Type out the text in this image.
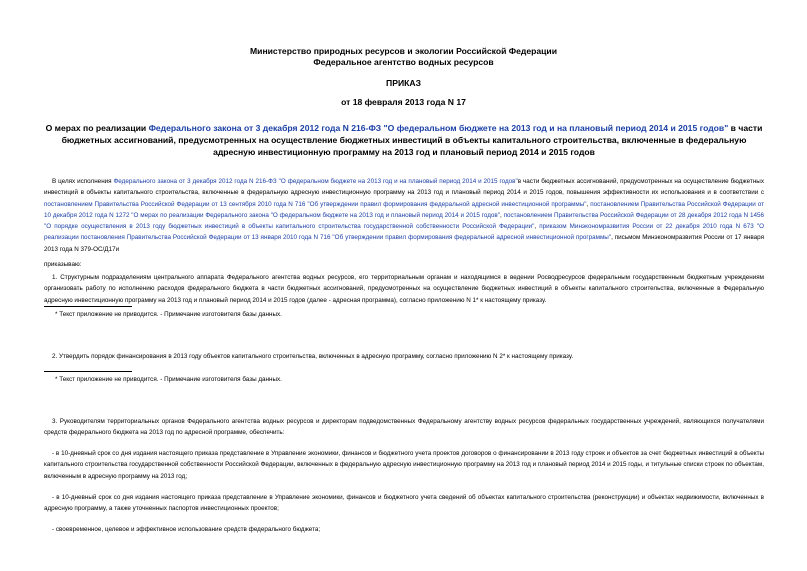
Министерство природных ресурсов и экологии Российской Федерации
Федеральное агентство водных ресурсов
ПРИКАЗ
от 18 февраля 2013 года N 17
О мерах по реализации Федерального закона от 3 декабря 2012 года N 216-ФЗ "О федеральном бюджете на 2013 год и на плановый период 2014 и 2015 годов" в части бюджетных ассигнований, предусмотренных на осуществление бюджетных инвестиций в объекты капитального строительства, включенные в федеральную адресную инвестиционную программу на 2013 год и плановый период 2014 и 2015 годов
В целях исполнения Федерального закона от 3 декабря 2012 года N 216-ФЗ "О федеральном бюджете на 2013 год и на плановый период 2014 и 2015 годов"в части бюджетных ассигнований, предусмотренных на осуществление бюджетных инвестиций в объекты капитального строительства, включенные в федеральную адресную инвестиционную программу на 2013 год и плановый период 2014 и 2015 годов, повышения эффективности их использования и в соответствии с постановлением Правительства Российской Федерации от 13 сентября 2010 года N 716 "Об утверждении правил формирования федеральной адресной инвестиционной программы", постановлением Правительства Российской Федерации от 10 декабря 2012 года N 1272 "О мерах по реализации Федерального закона "О федеральном бюджете на 2013 год и плановый период 2014 и 2015 годов", постановлением Правительства Российской Федерации от 28 декабря 2012 года N 1456 "О порядке осуществления в 2013 году бюджетных инвестиций в объекты капитального строительства государственной собственности Российской Федерации", приказом Минэкономразвития России от 22 декабря 2010 года N 673 "О реализации постановления Правительства Российской Федерации от 13 января 2010 года N 716 "Об утверждении правил формирования федеральной адресной инвестиционной программы", письмом Минэкономразвития России от 17 января 2013 года N 379-ОС/Д17и
приказываю:
1. Структурным подразделениям центрального аппарата Федерального агентства водных ресурсов, его территориальным органам и находящимся в ведении Росводресурсов федеральным государственным бюджетным учреждениям организовать работу по исполнению расходов федерального бюджета в части бюджетных ассигнований, предусмотренных на осуществление бюджетных инвестиций в объекты капитального строительства, включенные в Федеральную адресную инвестиционную программу на 2013 год и плановый период 2014 и 2015 годов (далее - адресная программа), согласно приложению N 1* к настоящему приказу.
* Текст приложение не приводится. - Примечание изготовителя базы данных.
2. Утвердить порядок финансирования в 2013 году объектов капитального строительства, включенных в адресную программу, согласно приложению N 2* к настоящему приказу.
* Текст приложение не приводится. - Примечание изготовителя базы данных.
3. Руководителям территориальных органов Федерального агентства водных ресурсов и директорам подведомственных Федеральному агентству водных ресурсов федеральных государственных учреждений, являющихся получателями средств федерального бюджета на 2013 год по адресной программе, обеспечить:
- в 10-дневный срок со дня издания настоящего приказа представление в Управление экономики, финансов и бюджетного учета проектов договоров о финансировании в 2013 году строек и объектов за счет бюджетных инвестиций в объекты капитального строительства государственной собственности Российской Федерации, включенных в федеральную адресную инвестиционную программу на 2013 год и плановый период 2014 и 2015 годы, и титульные списки строек по объектам, включенным в адресную программу на 2013 год;
- в 10-дневный срок со дня издания настоящего приказа представление в Управление экономики, финансов и бюджетного учета сведений об объектах капитального строительства (реконструкции) и объектах недвижимости, включенных в адресную программу, а также уточненных паспортов инвестиционных проектов;
- своевременное, целевое и эффективное использование средств федерального бюджета;
